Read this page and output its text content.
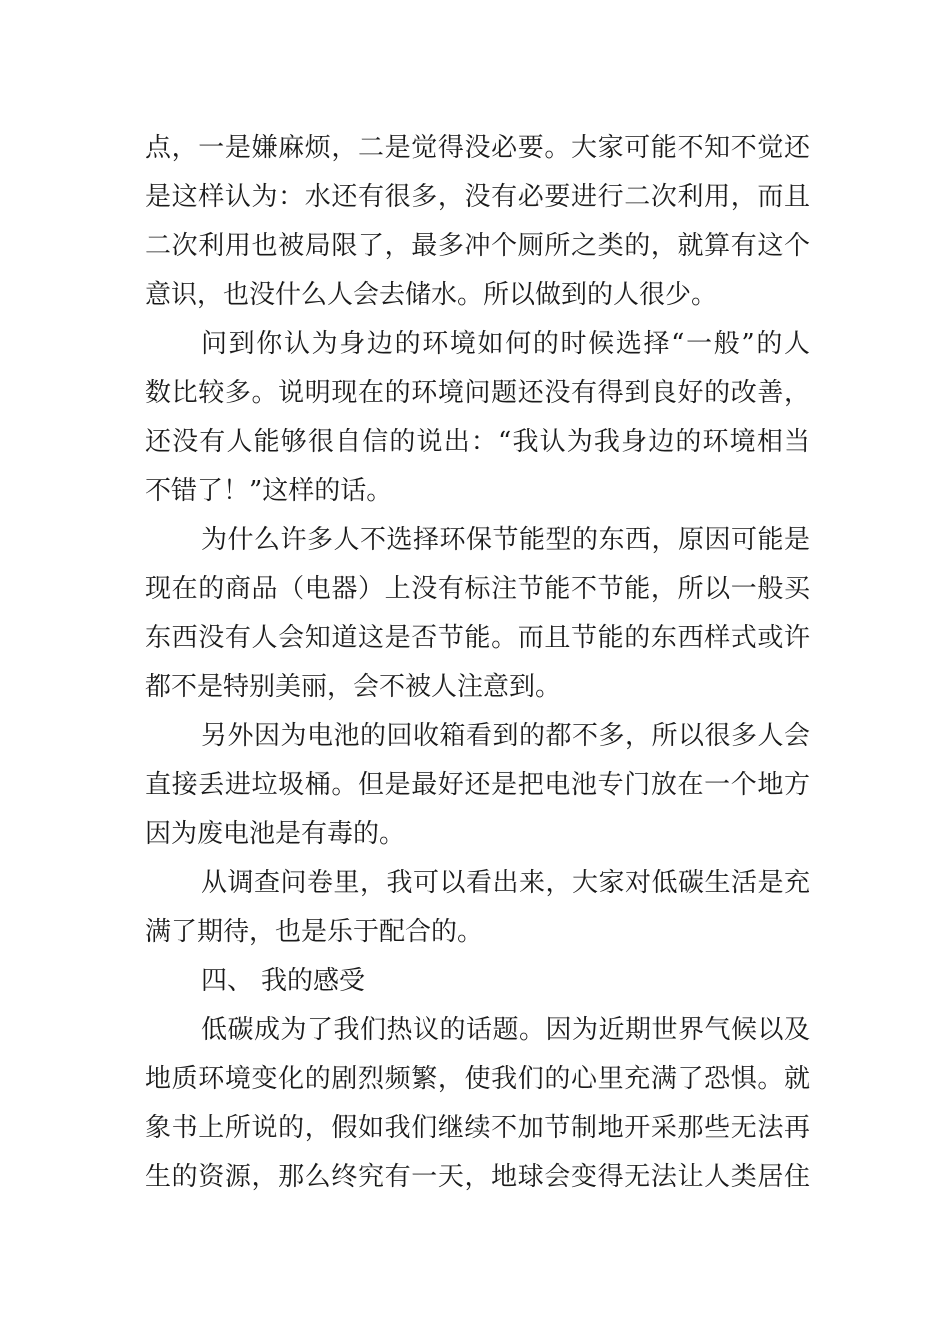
点，一是嫌麻烦，二是觉得没必要。大家可能不知不觉还
是这样认为：水还有很多，没有必要进行二次利用，而且
二次利用也被局限了，最多冲个厕所之类的，就算有这个
意识，也没什么人会去储水。所以做到的人很少。
问到你认为身边的环境如何的时候选择“一般”的人
数比较多。说明现在的环境问题还没有得到良好的改善，
还没有人能够很自信的说出：“我认为我身边的环境相当
不错了！”这样的话。
为什么许多人不选择环保节能型的东西，原因可能是
现在的商品（电器）上没有标注节能不节能，所以一般买
东西没有人会知道这是否节能。而且节能的东西样式或许
都不是特别美丽，会不被人注意到。
另外因为电池的回收箱看到的都不多，所以很多人会
直接丢进垃圾桶。但是最好还是把电池专门放在一个地方
因为废电池是有毒的。
从调查问卷里，我可以看出来，大家对低碳生活是充
满了期待，也是乐于配合的。
四、 我的感受
低碳成为了我们热议的话题。因为近期世界气候以及
地质环境变化的剧烈频繁，使我们的心里充满了恐惧。就
象书上所说的，假如我们继续不加节制地开采那些无法再
生的资源，那么终究有一天，地球会变得无法让人类居住
